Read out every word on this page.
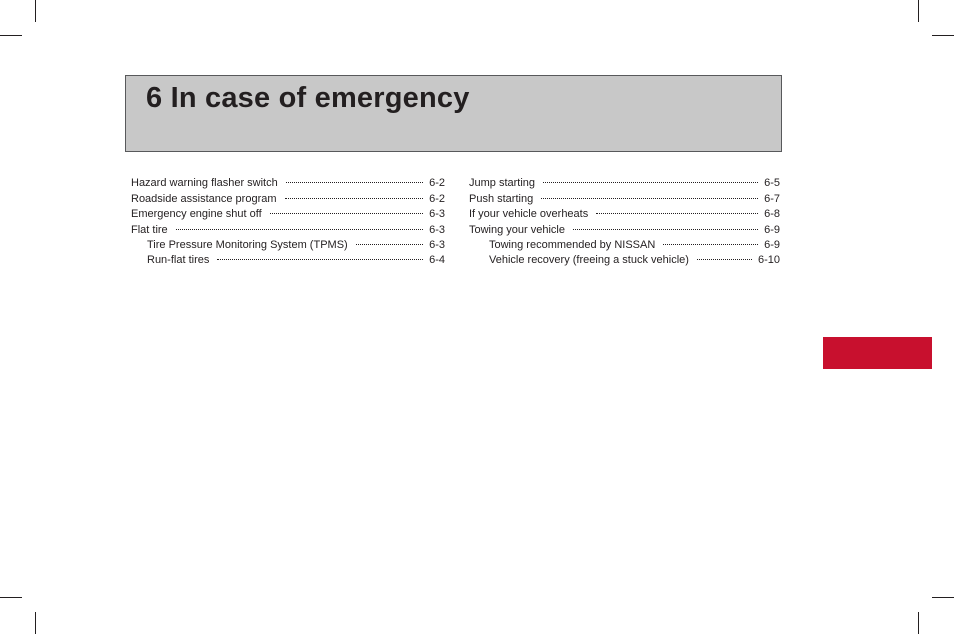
6 In case of emergency
Hazard warning flasher switch	6-2
Roadside assistance program	6-2
Emergency engine shut off	6-3
Flat tire	6-3
Tire Pressure Monitoring System (TPMS)	6-3
Run-flat tires	6-4
Jump starting	6-5
Push starting	6-7
If your vehicle overheats	6-8
Towing your vehicle	6-9
Towing recommended by NISSAN	6-9
Vehicle recovery (freeing a stuck vehicle)	6-10
